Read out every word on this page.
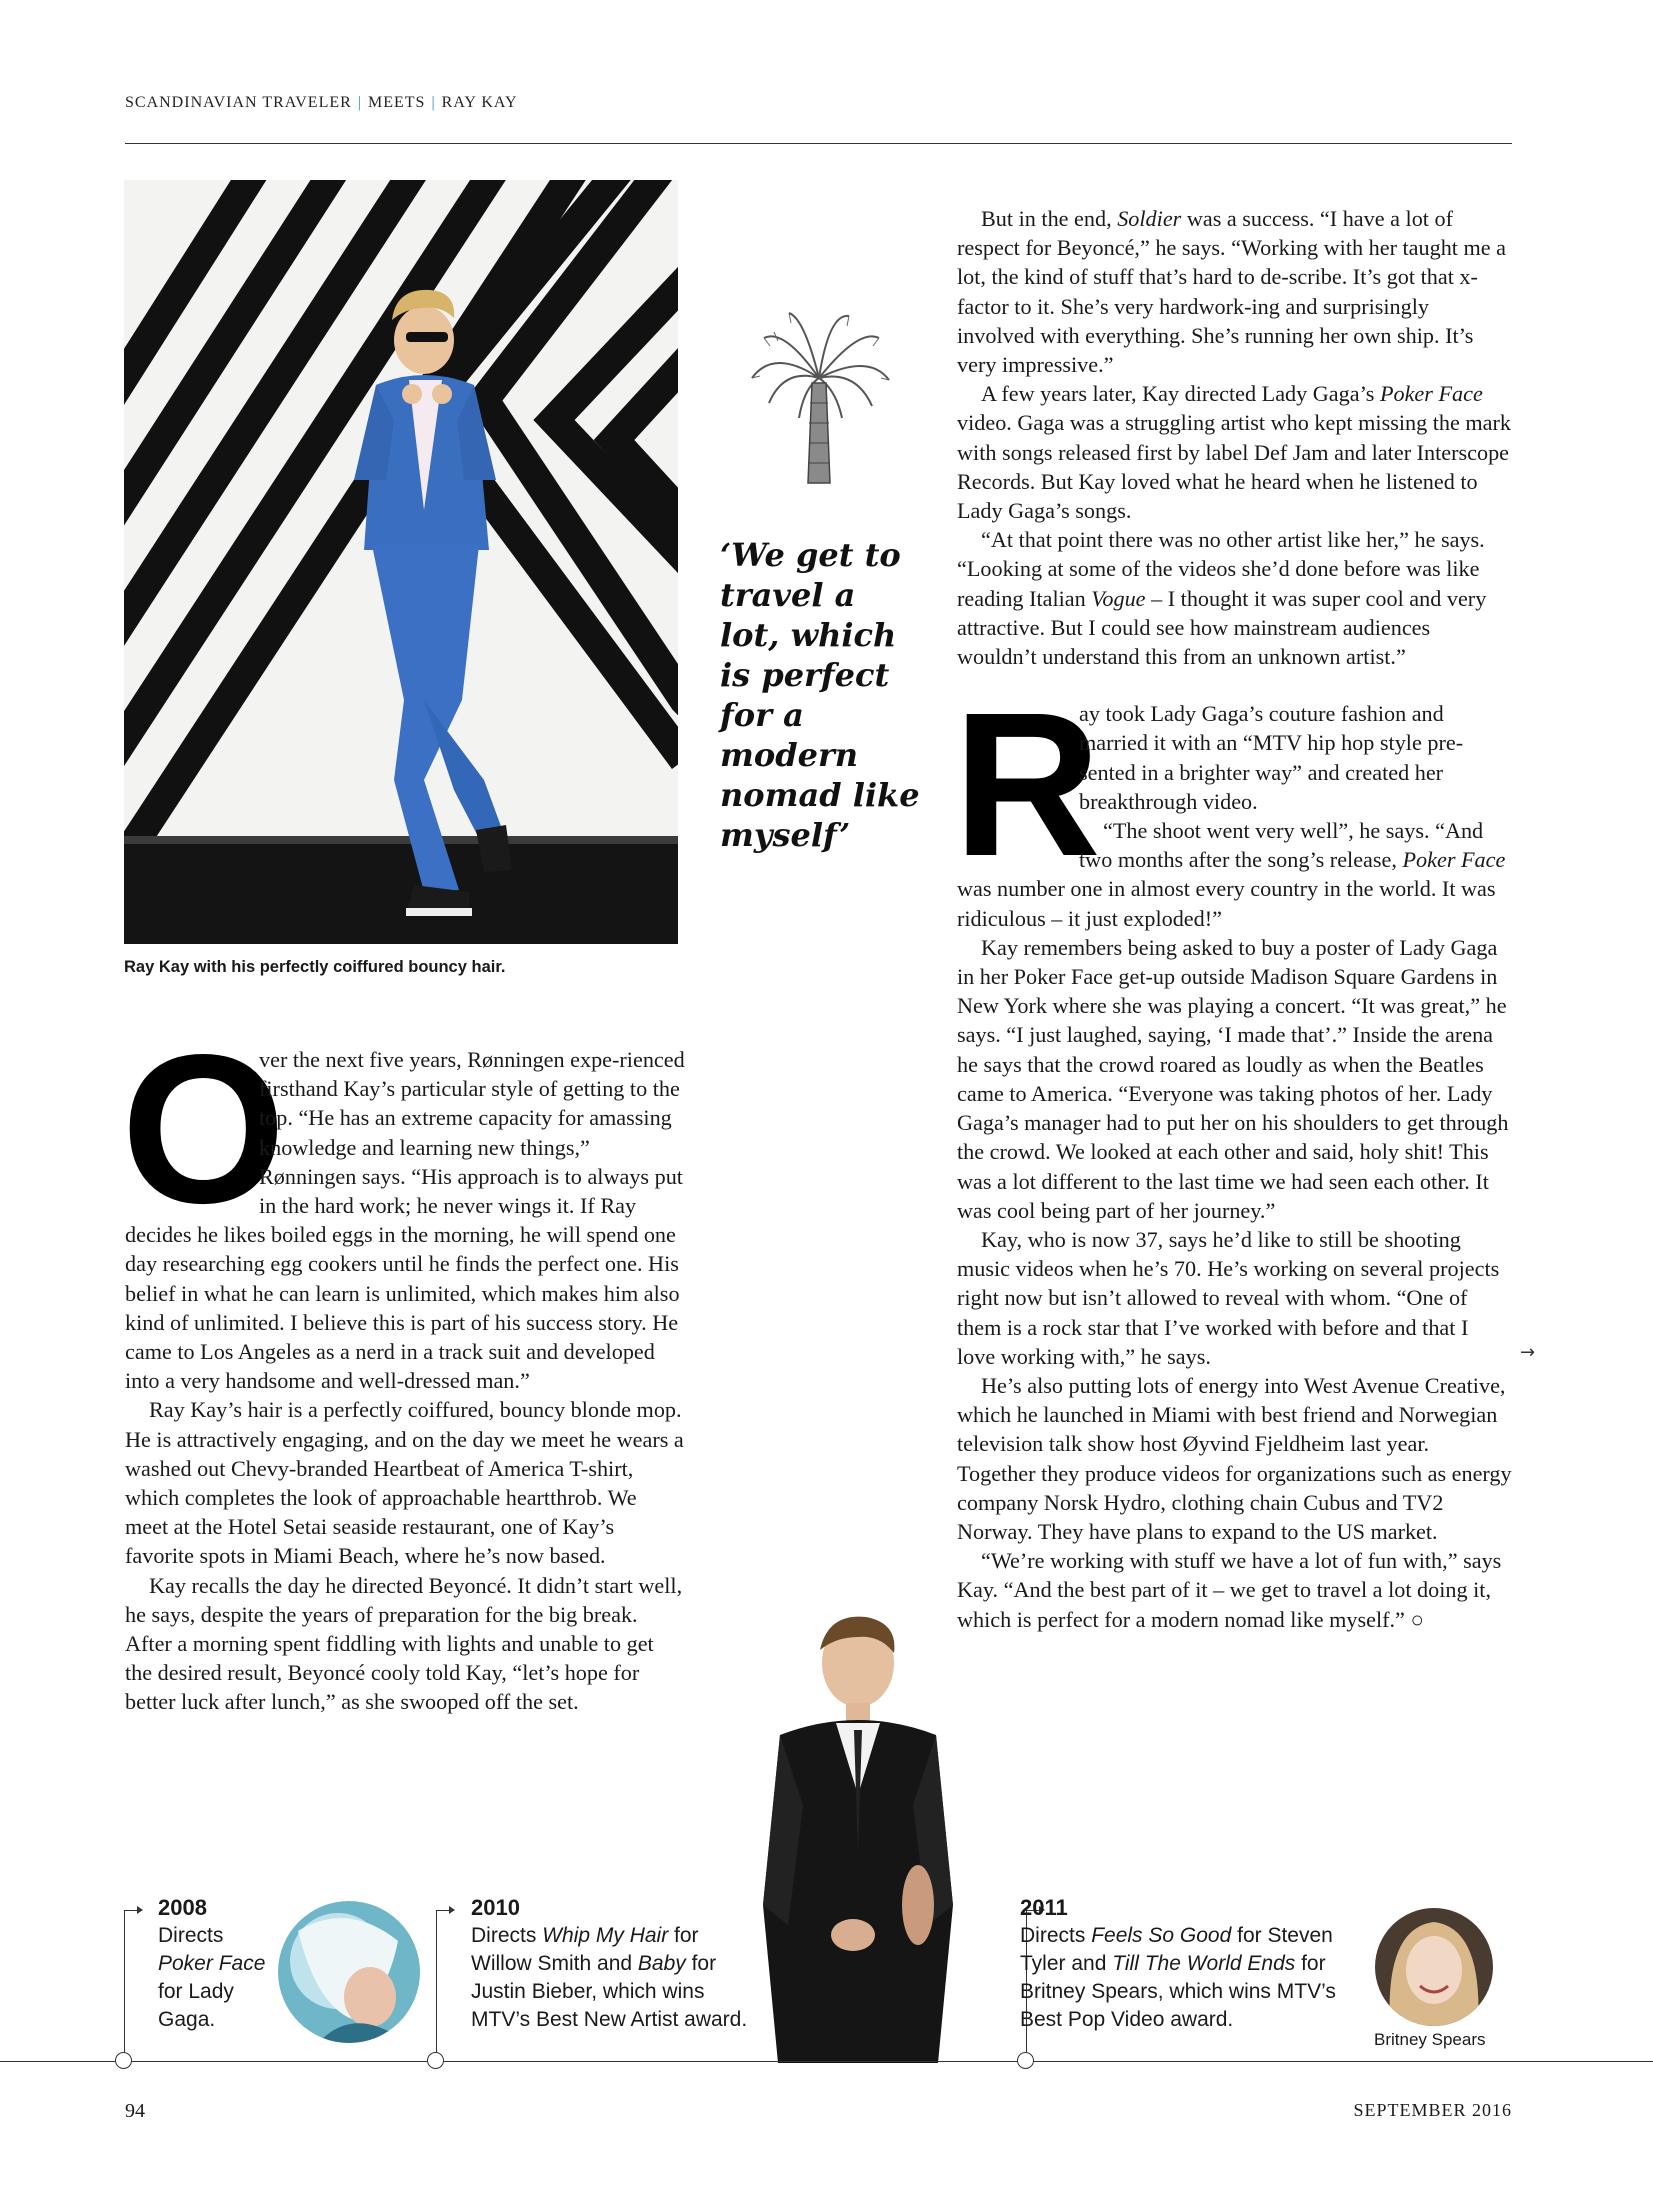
SCANDINAVIAN TRAVELER | MEETS | RAY KAY
Ray Kay with his perfectly coiffured bouncy hair.
‘We get to travel a lot, which is perfect for a modern nomad like myself’
O

ver the next five years, Rønningen expe-rienced firsthand Kay’s particular style of getting to the top. “He has an extreme capacity for amassing knowledge and learning new things,” Rønningen says. “His approach is to always put in the hard work; he never wings it. If Ray decides he likes boiled eggs in the morning, he will spend one day researching egg cookers until he finds the perfect one. His belief in what he can learn is unlimited, which makes him also kind of unlimited. I believe this is part of his success story. He came to Los Angeles as a nerd in a track suit and developed into a very handsome and well-dressed man.”

Ray Kay’s hair is a perfectly coiffured, bouncy blonde mop. He is attractively engaging, and on the day we meet he wears a washed out Chevy-branded Heartbeat of America T-shirt, which completes the look of approachable heartthrob. We meet at the Hotel Setai seaside restaurant, one of Kay’s favorite spots in Miami Beach, where he’s now based.

Kay recalls the day he directed Beyoncé. It didn’t start well, he says, despite the years of preparation for the big break. After a morning spent fiddling with lights and unable to get the desired result, Beyoncé cooly told Kay, “let’s hope for better luck after lunch,” as she swooped off the set.

But in the end, Soldier was a success. “I have a lot of respect for Beyoncé,” he says. “Working with her taught me a lot, the kind of stuff that’s hard to de-scribe. It’s got that x-factor to it. She’s very hardwork-ing and surprisingly involved with everything. She’s running her own ship. It’s very impressive.”

A few years later, Kay directed Lady Gaga’s Poker Face video. Gaga was a struggling artist who kept missing the mark with songs released first by label Def Jam and later Interscope Records. But Kay loved what he heard when he listened to Lady Gaga’s songs.

“At that point there was no other artist like her,” he says. “Looking at some of the videos she’d done before was like reading Italian Vogue – I thought it was super cool and very attractive. But I could see how mainstream audiences wouldn’t understand this from an unknown artist.”

R

ay took Lady Gaga’s couture fashion and married it with an “MTV hip hop style pre-sented in a brighter way” and created her breakthrough video.

“The shoot went very well”, he says. “And two months after the song’s release, Poker Face was number one in almost every country in the world. It was ridiculous – it just exploded!”

Kay remembers being asked to buy a poster of Lady Gaga in her Poker Face get-up outside Madison Square Gardens in New York where she was playing a concert. “It was great,” he says. “I just laughed, saying, ‘I made that’.” Inside the arena he says that the crowd roared as loudly as when the Beatles came to America. “Everyone was taking photos of her. Lady Gaga’s manager had to put her on his shoulders to get through the crowd. We looked at each other and said, holy shit! This was a lot different to the last time we had seen each other. It was cool being part of her journey.”

Kay, who is now 37, says he’d like to still be shooting music videos when he’s 70. He’s working on several projects right now but isn’t allowed to reveal with whom. “One of them is a rock star that I’ve worked with before and that I love working with,” he says.

He’s also putting lots of energy into West Avenue Creative, which he launched in Miami with best friend and Norwegian television talk show host Øyvind Fjeldheim last year. Together they produce videos for organizations such as energy company Norsk Hydro, clothing chain Cubus and TV2 Norway. They have plans to expand to the US market.

“We’re working with stuff we have a lot of fun with,” says Kay. “And the best part of it – we get to travel a lot doing it, which is perfect for a modern nomad like myself.” ○

→
2008
Directs
Poker Face
for Lady
Gaga.
2010
Directs Whip My Hair for
Willow Smith and Baby for
Justin Bieber, which wins
MTV’s Best New Artist award.
2011
Directs Feels So Good for Steven
Tyler and Till The World Ends for
Britney Spears, which wins MTV’s
Best Pop Video award.
Britney Spears
94	SEPTEMBER 2016
